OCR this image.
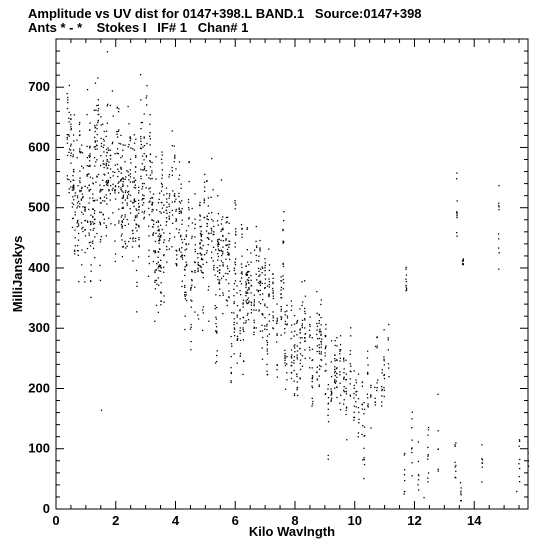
Amplitude vs UV dist for 0147+398.L BAND.1   Source:0147+398
Ants * - *    Stokes I   IF# 1   Chan# 1
0	2	4	6	8	10	12	14
0
100
200
300
400
500
600
700
Kilo Wavlngth
MilliJanskys
